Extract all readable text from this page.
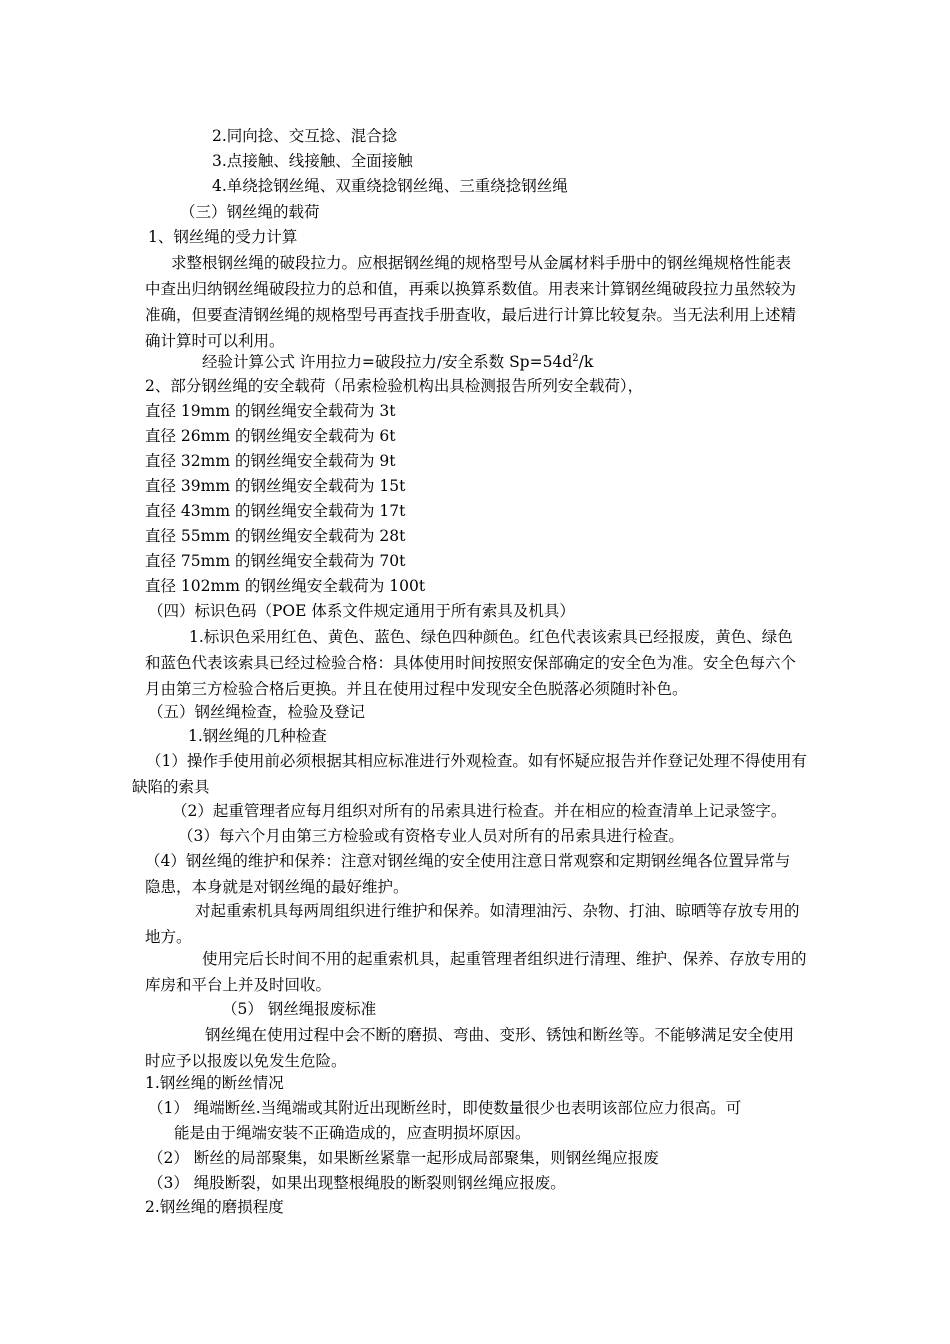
2.同向捻、交互捻、混合捻
3.点接触、线接触、全面接触
4.单绕捻钢丝绳、双重绕捻钢丝绳、三重绕捻钢丝绳
（三）钢丝绳的载荷
1、钢丝绳的受力计算
求整根钢丝绳的破段拉力。应根据钢丝绳的规格型号从金属材料手册中的钢丝绳规格性能表中查出归纳钢丝绳破段拉力的总和值，再乘以换算系数值。用表来计算钢丝绳破段拉力虽然较为准确，但要查清钢丝绳的规格型号再查找手册查收，最后进行计算比较复杂。当无法利用上述精确计算时可以利用。
经验计算公式 许用拉力=破段拉力/安全系数 $Sp=54d^2/k$
2、部分钢丝绳的安全载荷（吊索检验机构出具检测报告所列安全载荷），
直径 19mm 的钢丝绳安全载荷为 3t
直径 26mm 的钢丝绳安全载荷为 6t
直径 32mm 的钢丝绳安全载荷为 9t
直径 39mm 的钢丝绳安全载荷为 15t
直径 43mm 的钢丝绳安全载荷为 17t
直径 55mm 的钢丝绳安全载荷为 28t
直径 75mm 的钢丝绳安全载荷为 70t
直径 102mm 的钢丝绳安全载荷为 100t
（四）标识色码（POE 体系文件规定通用于所有索具及机具）
1.标识色采用红色、黄色、蓝色、绿色四种颜色。红色代表该索具已经报废，黄色、绿色和蓝色代表该索具已经过检验合格：具体使用时间按照安保部确定的安全色为准。安全色每六个月由第三方检验合格后更换。并且在使用过程中发现安全色脱落必须随时补色。
（五）钢丝绳检查，检验及登记
1.钢丝绳的几种检查
（1）操作手使用前必须根据其相应标准进行外观检查。如有怀疑应报告并作登记处理不得使用有缺陷的索具
（2）起重管理者应每月组织对所有的吊索具进行检查。并在相应的检查清单上记录签字。
（3）每六个月由第三方检验或有资格专业人员对所有的吊索具进行检查。
（4）钢丝绳的维护和保养：注意对钢丝绳的安全使用注意日常观察和定期钢丝绳各位置异常与隐患，本身就是对钢丝绳的最好维护。
对起重索机具每两周组织进行维护和保养。如清理油污、杂物、打油、晾晒等存放专用的地方。
使用完后长时间不用的起重索机具，起重管理者组织进行清理、维护、保养、存放专用的库房和平台上并及时回收。
（5） 钢丝绳报废标准
钢丝绳在使用过程中会不断的磨损、弯曲、变形、锈蚀和断丝等。不能够满足安全使用时应予以报废以免发生危险。
1.钢丝绳的断丝情况
（1） 绳端断丝.当绳端或其附近出现断丝时，即使数量很少也表明该部位应力很高。可
能是由于绳端安装不正确造成的，应查明损坏原因。
（2） 断丝的局部聚集，如果断丝紧靠一起形成局部聚集，则钢丝绳应报废
（3） 绳股断裂，如果出现整根绳股的断裂则钢丝绳应报废。
2.钢丝绳的磨损程度
